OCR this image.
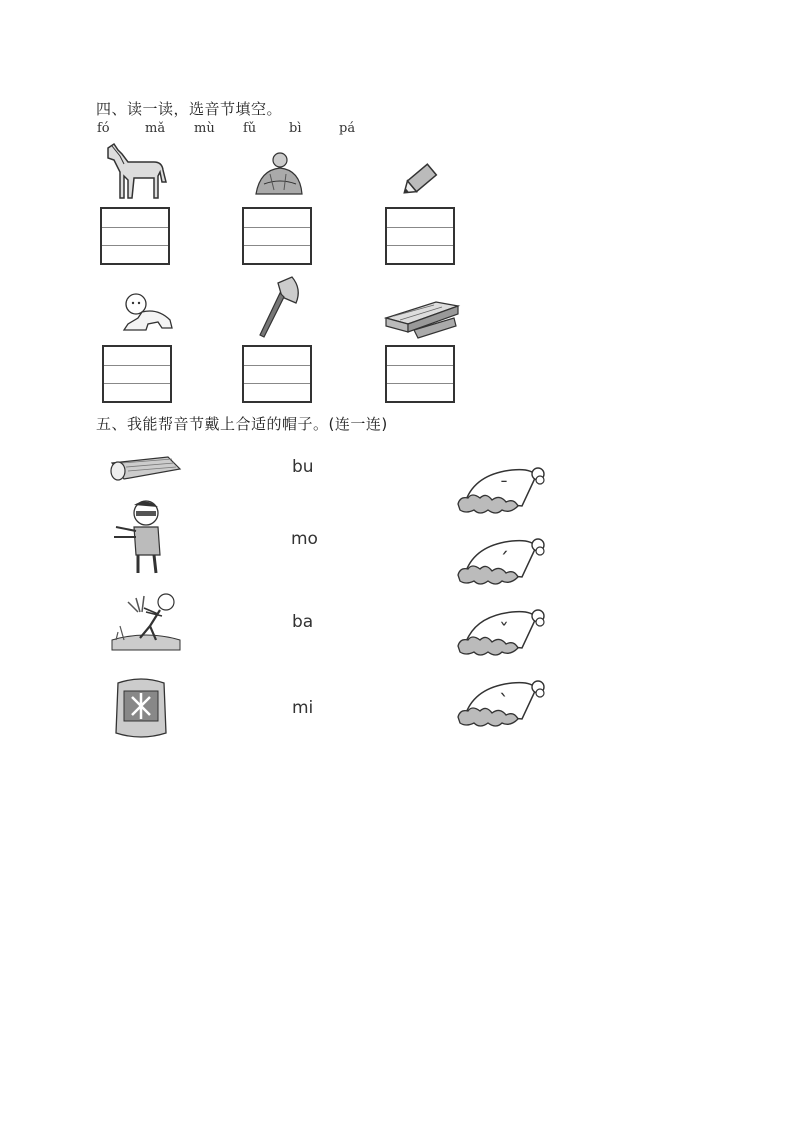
四、读一读，选音节填空。
fó	mǎ mù fǔ	bì	pá
五、我能帮音节戴上合适的帽子。(连一连)
bu
mo
ba
mi
ˉ
ˊ
ˇ
ˋ
